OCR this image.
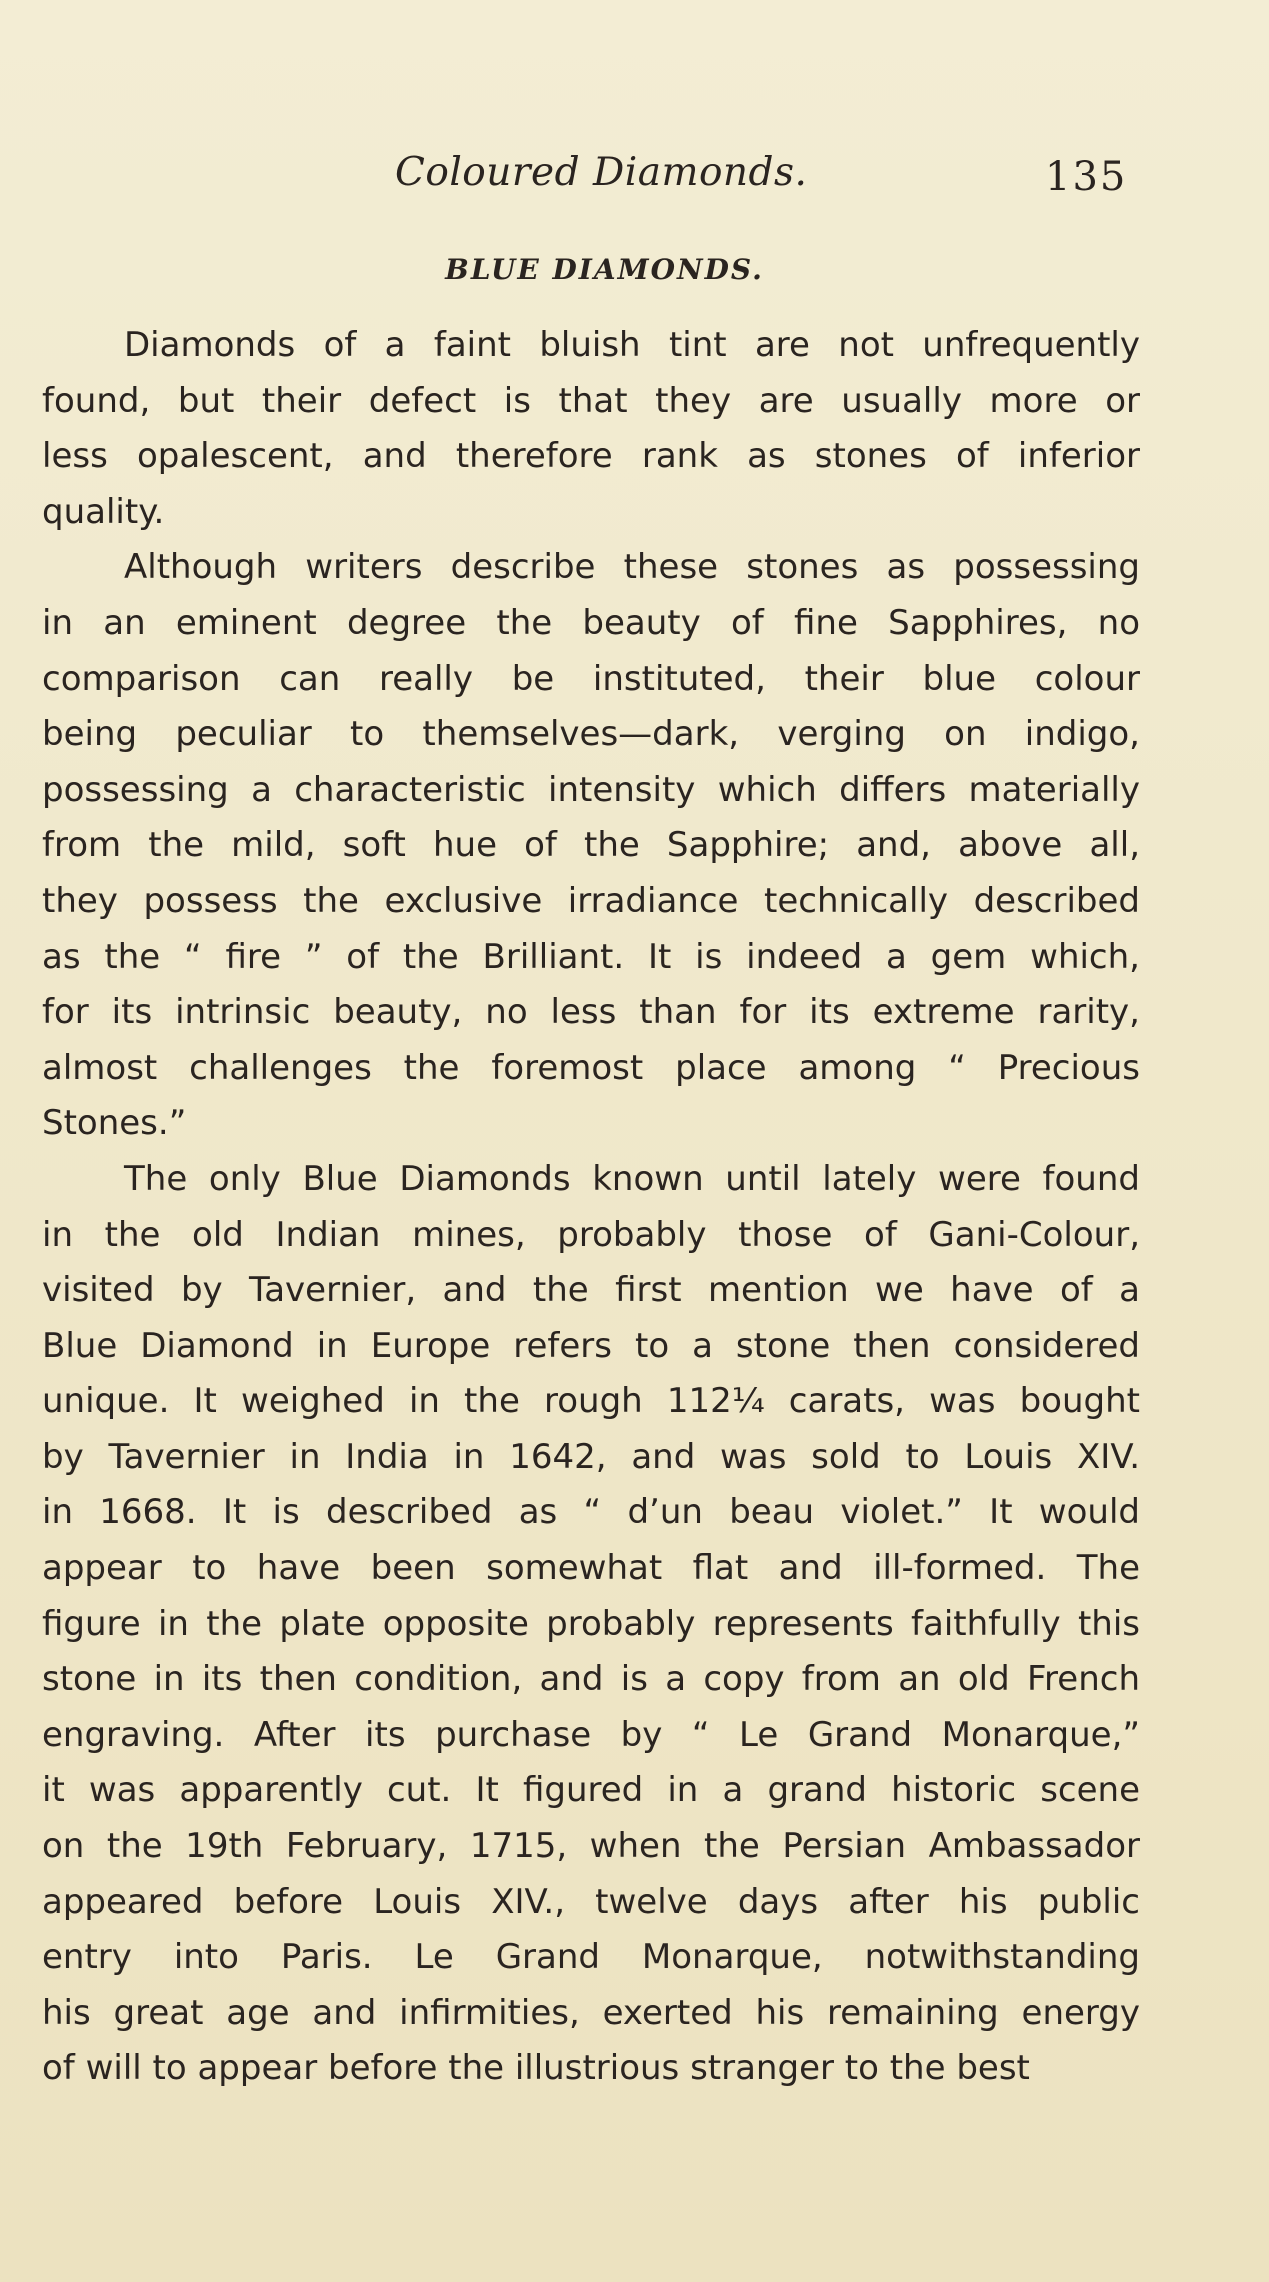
Coloured Diamonds.	135
BLUE DIAMONDS.
Diamonds of a faint bluish tint are not unfrequently
found, but their defect is that they are usually more or
less opalescent, and therefore rank as stones of inferior
quality.
Although writers describe these stones as possessing
in an eminent degree the beauty of fine Sapphires, no
comparison can really be instituted, their blue colour
being peculiar to themselves—dark, verging on indigo,
possessing a characteristic intensity which differs materially
from the mild, soft hue of the Sapphire; and, above all,
they possess the exclusive irradiance technically described
as the “ fire ” of the Brilliant. It is indeed a gem which,
for its intrinsic beauty, no less than for its extreme rarity,
almost challenges the foremost place among “ Precious
Stones.”
The only Blue Diamonds known until lately were found
in the old Indian mines, probably those of Gani-Colour,
visited by Tavernier, and the first mention we have of a
Blue Diamond in Europe refers to a stone then considered
unique. It weighed in the rough 112¼ carats, was bought
by Tavernier in India in 1642, and was sold to Louis XIV.
in 1668. It is described as “ d’un beau violet.” It would
appear to have been somewhat flat and ill-formed. The
figure in the plate opposite probably represents faithfully this
stone in its then condition, and is a copy from an old French
engraving. After its purchase by “ Le Grand Monarque,”
it was apparently cut. It figured in a grand historic scene
on the 19th February, 1715, when the Persian Ambassador
appeared before Louis XIV., twelve days after his public
entry into Paris. Le Grand Monarque, notwithstanding
his great age and infirmities, exerted his remaining energy
of will to appear before the illustrious stranger to the best
